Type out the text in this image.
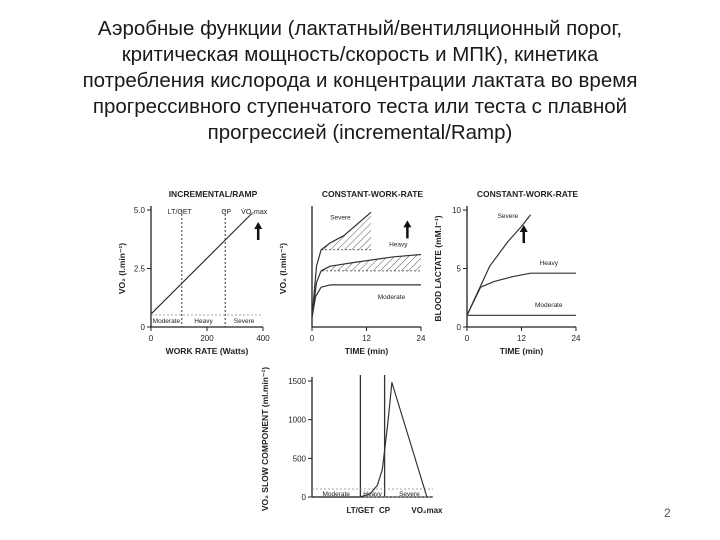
Аэробные функции (лактатный/вентиляционный порог,
критическая мощность/скорость и МПК), кинетика
потребления кислорода и концентрации лактата во время
прогрессивного ступенчатого теста или теста с плавной
прогрессией (incremental/Ramp)
INCREMENTAL/RAMP
0
2.5
5.0
0	200	400
WORK RATE (Watts)
VO₂ (l.min⁻¹)
LT/GET	CP V̇O₂max
Moderate Heavy	Severe
CONSTANT-WORK-RATE
0	12	24
TIME (min)
VO₂ (l.min⁻¹)
Severe
Heavy
Moderate
CONSTANT-WORK-RATE
0
5
10
0	12	24
TIME (min)
BLOOD LACTATE (mM.l⁻¹)	Severe
Heavy
Moderate
0
500
1000
1500
VO₂ SLOW COMPONENT (ml.min⁻¹)	Moderate Heavy	Severe
LT/GET CP	VO₂max	2
